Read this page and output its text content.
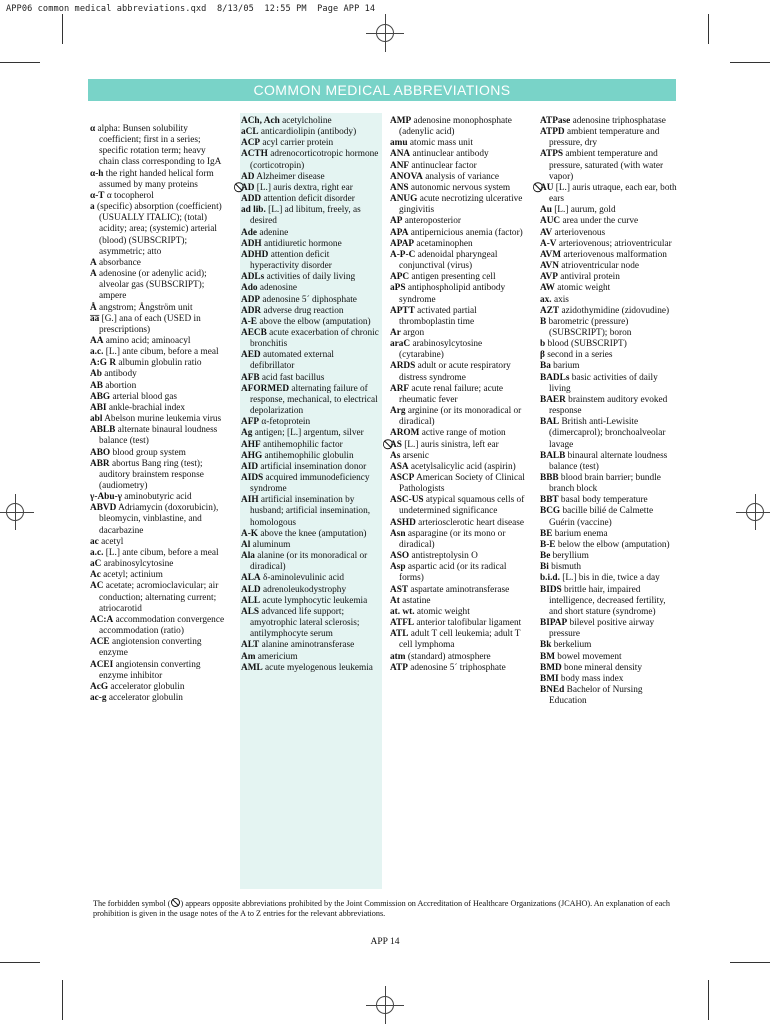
APP06 common medical abbreviations.qxd  8/13/05  12:55 PM  Page APP 14
COMMON MEDICAL ABBREVIATIONS
α alpha: Bunsen solubility coefficient; first in a series; specific rotation term; heavy chain class corresponding to IgA
α-h the right handed helical form assumed by many proteins
α-T α tocopherol
a (specific) absorption (coefficient) (USUALLY ITALIC); (total) acidity; area; (systemic) arterial (blood) (SUBSCRIPT); asymmetric; atto
A absorbance
A adenosine (or adenylic acid); alveolar gas (SUBSCRIPT); ampere
Å angstrom; Ångström unit
a̅a̅ [G.] ana of each (USED in prescriptions)
AA amino acid; aminoacyl
a.c. [L.] ante cibum, before a meal
A:G R albumin globulin ratio
Ab antibody
AB abortion
ABG arterial blood gas
ABI ankle-brachial index
abl Abelson murine leukemia virus
ABLB alternate binaural loudness balance (test)
ABO blood group system
ABR abortus Bang ring (test); auditory brainstem response (audiometry)
γ-Abu-γ aminobutyric acid
ABVD Adriamycin (doxorubicin), bleomycin, vinblastine, and dacarbazine
ac acetyl
a.c. [L.] ante cibum, before a meal
aC arabinosylcytosine
Ac acetyl; actinium
AC acetate; acromioclavicular; air conduction; alternating current; atriocarotid
AC:A accommodation convergence accommodation (ratio)
ACE angiotension converting enzyme
ACEI angiotensin converting enzyme inhibitor
AcG accelerator globulin
ac-g accelerator globulin
ACh, Ach acetylcholine
aCL anticardiolipin (antibody)
ACP acyl carrier protein
ACTH adrenocorticotropic hormone (corticotropin)
AD Alzheimer disease
⃠AD [L.] auris dextra, right ear
ADD attention deficit disorder
ad lib. [L.] ad libitum, freely, as desired
Ade adenine
ADH antidiuretic hormone
ADHD attention deficit hyperactivity disorder
ADLs activities of daily living
Ado adenosine
ADP adenosine 5´ diphosphate
ADR adverse drug reaction
A-E above the elbow (amputation)
AECB acute exacerbation of chronic bronchitis
AED automated external defibrillator
AFB acid fast bacillus
AFORMED alternating failure of response, mechanical, to electrical depolarization
AFP α-fetoprotein
Ag antigen; [L.] argentum, silver
AHF antihemophilic factor
AHG antihemophilic globulin
AID artificial insemination donor
AIDS acquired immunodeficiency syndrome
AIH artificial insemination by husband; artificial insemination, homologous
A-K above the knee (amputation)
Al aluminum
Ala alanine (or its monoradical or diradical)
ALA δ-aminolevulinic acid
ALD adrenoleukodystrophy
ALL acute lymphocytic leukemia
ALS advanced life support; amyotrophic lateral sclerosis; antilymphocyte serum
ALT alanine aminotransferase
Am americium
AML acute myelogenous leukemia
AMP adenosine monophosphate (adenylic acid)
amu atomic mass unit
ANA antinuclear antibody
ANF antinuclear factor
ANOVA analysis of variance
ANS autonomic nervous system
ANUG acute necrotizing ulcerative gingivitis
AP anteroposterior
APA antipernicious anemia (factor)
APAP acetaminophen
A-P-C adenoidal pharyngeal conjunctival (virus)
APC antigen presenting cell
aPS antiphospholipid antibody syndrome
APTT activated partial thromboplastin time
Ar argon
araC arabinosylcytosine (cytarabine)
ARDS adult or acute respiratory distress syndrome
ARF acute renal failure; acute rheumatic fever
Arg arginine (or its monoradical or diradical)
AROM active range of motion
⃠AS [L.] auris sinistra, left ear
As arsenic
ASA acetylsalicylic acid (aspirin)
ASCP American Society of Clinical Pathologists
ASC-US atypical squamous cells of undetermined significance
ASHD arteriosclerotic heart disease
Asn asparagine (or its mono or diradical)
ASO antistreptolysin O
Asp aspartic acid (or its radical forms)
AST aspartate aminotransferase
At astatine
at. wt. atomic weight
ATFL anterior talofibular ligament
ATL adult T cell leukemia; adult T cell lymphoma
atm (standard) atmosphere
ATP adenosine 5´ triphosphate
ATPase adenosine triphosphatase
ATPD ambient temperature and pressure, dry
ATPS ambient temperature and pressure, saturated (with water vapor)
⃠AU [L.] auris utraque, each ear, both ears
Au [L.] aurum, gold
AUC area under the curve
AV arteriovenous
A-V arteriovenous; atrioventricular
AVM arteriovenous malformation
AVN atrioventricular node
AVP antiviral protein
AW atomic weight
ax. axis
AZT azidothymidine (zidovudine)
B barometric (pressure) (SUBSCRIPT); boron
b blood (SUBSCRIPT)
β second in a series
Ba barium
BADLs basic activities of daily living
BAER brainstem auditory evoked response
BAL British anti-Lewisite (dimercaprol); bronchoalveolar lavage
BALB binaural alternate loudness balance (test)
BBB blood brain barrier; bundle branch block
BBT basal body temperature
BCG bacille bilié de Calmette Guérin (vaccine)
BE barium enema
B-E below the elbow (amputation)
Be beryllium
Bi bismuth
b.i.d. [L.] bis in die, twice a day
BIDS brittle hair, impaired intelligence, decreased fertility, and short stature (syndrome)
BIPAP bilevel positive airway pressure
Bk berkelium
BM bowel movement
BMD bone mineral density
BMI body mass index
BNEd Bachelor of Nursing Education
The forbidden symbol ( ) appears opposite abbreviations prohibited by the Joint Commission on Accreditation of Healthcare Organizations (JCAHO). An explanation of each prohibition is given in the usage notes of the A to Z entries for the relevant abbreviations.
APP 14
